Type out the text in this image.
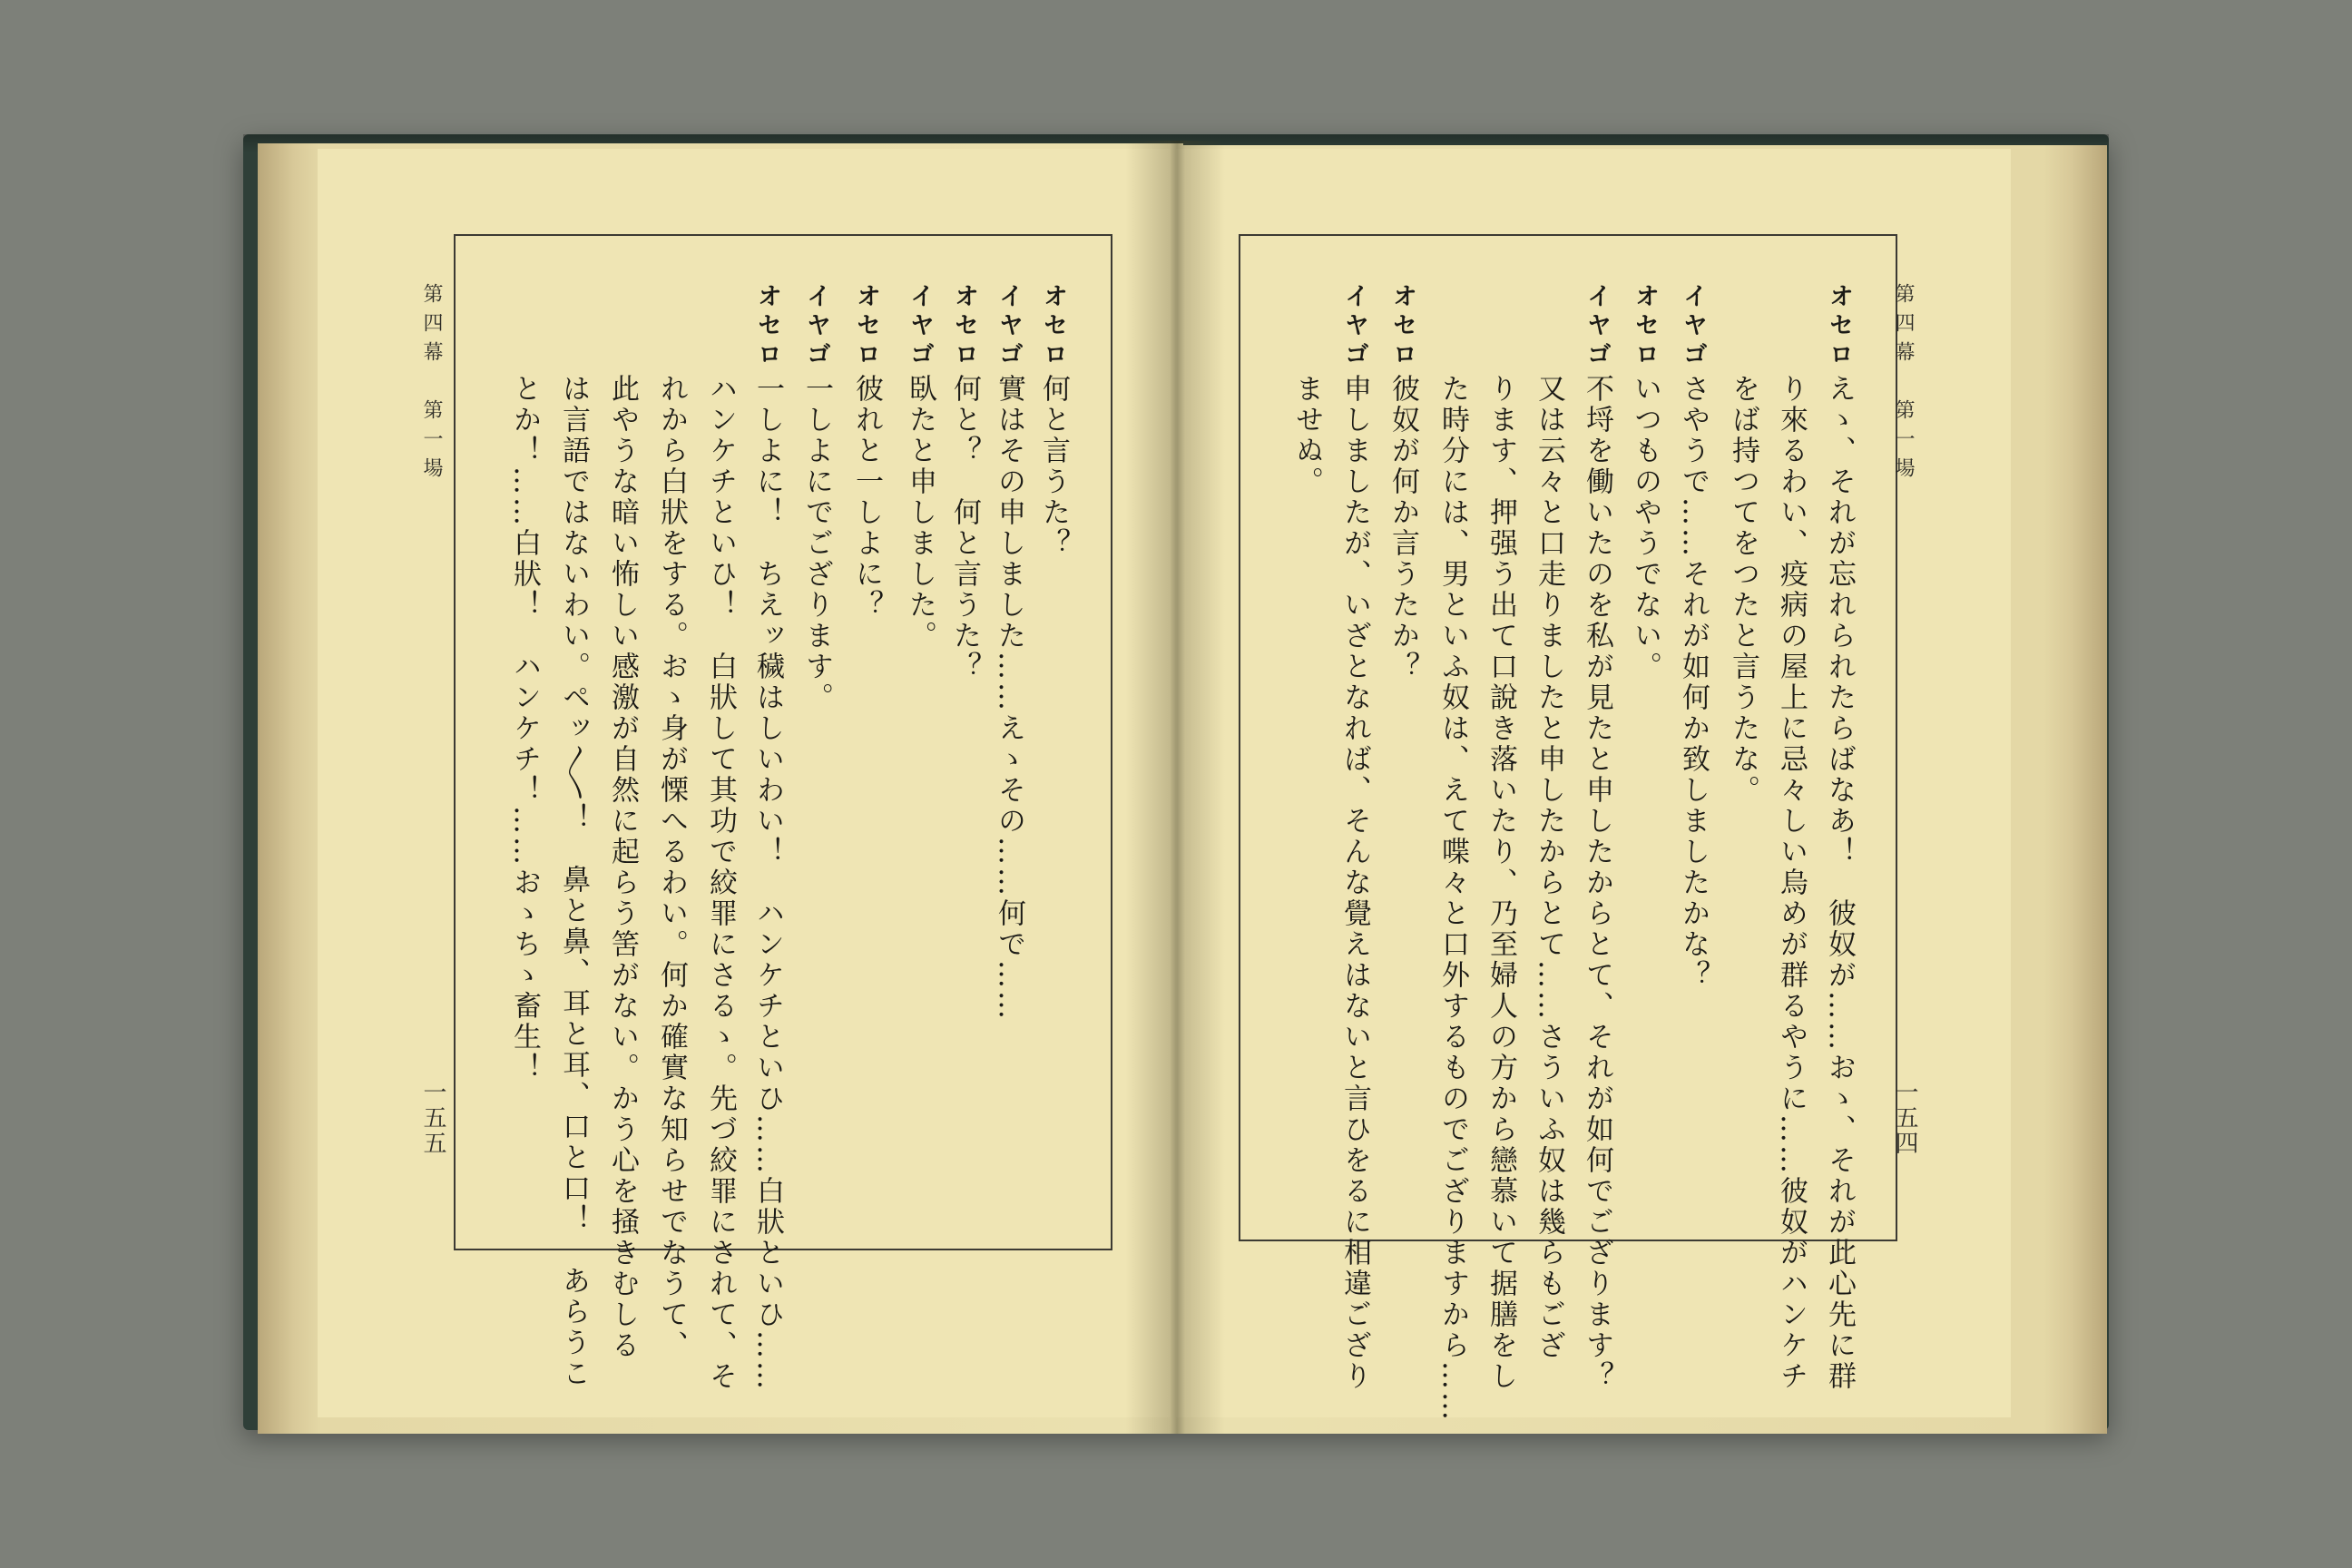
第四幕　第一場
一五五
オセロ
何と言うた？
イヤゴ
實はその申しました……えゝその……何で……
オセロ
何と？　何と言うた？
イヤゴ
臥たと申しました。
オセロ
彼れと一しよに？
イヤゴ
一しよにでござります。
オセロ
一しよに！　ちえッ穢はしいわい！　ハンケチといひ……白狀といひ……
ハンケチといひ！　白狀して其功で絞罪にさるゝ。先づ絞罪にされて、そ
れから白狀をする。おゝ身が慄へるわい。何か確實な知らせでなうて、
此やうな暗い怖しい感激が自然に起らう筈がない。かう心を掻きむしる
は言語ではないわい。ペッ〳〵！　鼻と鼻、耳と耳、口と口！　あらうこ
とか！……白狀！　ハンケチ！……おゝちゝ畜生！	第四幕　第一場
一五四
オセロ
えゝ、それが忘れられたらばなあ！　彼奴が……おゝ、それが此心先に群
り來るわい、疫病の屋上に忌々しい烏めが群るやうに……彼奴がハンケチ
をば持つてをつたと言うたな。
イヤゴ
さやうで……それが如何か致しましたかな？
オセロ
いつものやうでない。
イヤゴ
不埒を働いたのを私が見たと申したからとて、それが如何でござります？
又は云々と口走りましたと申したからとて……さういふ奴は幾らもござ
ります、押强う出て口說き落いたり、乃至婦人の方から戀慕いて据膳をし
た時分には、男といふ奴は、えて喋々と口外するものでござりますから……
オセロ
彼奴が何か言うたか？
イヤゴ
申しましたが、いざとなれば、そんな覺えはないと言ひをるに相違ござり
ませぬ。
